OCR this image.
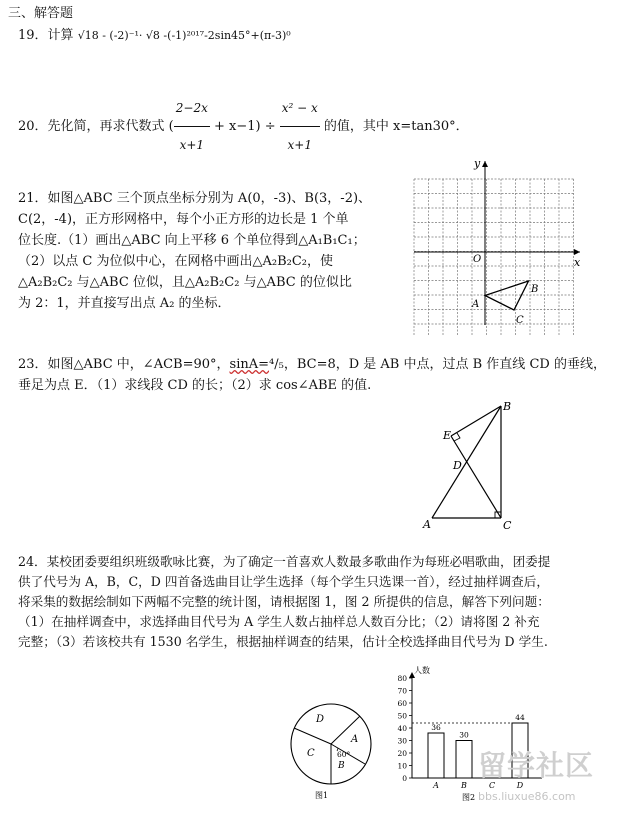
三、解答题
19．计算 √18 - (-2)⁻¹· √8 -(-1)²⁰¹⁷-2sin45°+(π-3)⁰
20．先化简，再求代数式 ( $\frac{2-2x}{x+1} + x-1) \div \frac{\text{x² − x}}{x+1}$ 的值，其中 x=tan30°．
21．如图△ABC 三个顶点坐标分别为 A(0，-3)、B(3，-2)、
C(2，-4)，正方形网格中，每个小正方形的边长是 1 个单
位长度.（1）画出△ABC 向上平移 6 个单位得到△A₁B₁C₁；
（2）以点 C 为位似中心，在网格中画出△A₂B₂C₂，使
△A₂B₂C₂ 与△ABC 位似，且△A₂B₂C₂ 与△ABC 的位似比
为 2：1，并直接写出点 A₂ 的坐标．
x
y
O
A
B
C
23．如图△ABC 中，∠ACB=90°，sinA=⁴/₅，BC=8，D 是 AB 中点，过点 B 作直线 CD 的垂线，
垂足为点 E．（1）求线段 CD 的长；（2）求 cos∠ABE 的值.
A
B
C
D
E
24．某校团委要组织班级歌咏比赛，为了确定一首喜欢人数最多歌曲作为每班必唱歌曲，团委提
供了代号为 A，B，C，D 四首备选曲目让学生选择（每个学生只选课一首），经过抽样调查后，
将采集的数据绘制如下两幅不完整的统计图，请根据图 1，图 2 所提供的信息，解答下列问题：
（1）在抽样调查中，求选择曲目代号为 A 学生人数占抽样总人数百分比；（2）请将图 2 补充
完整；（3）若该校共有 1530 名学生，根据抽样调查的结果，估计全校选择曲目代号为 D 学生.
D
A
C
B
60°
图1
0
10
20
30
40
50
60
70
80
36
A
30
B	C
44
D
人数
图2
留学社区
bbs.liuxue86.com
